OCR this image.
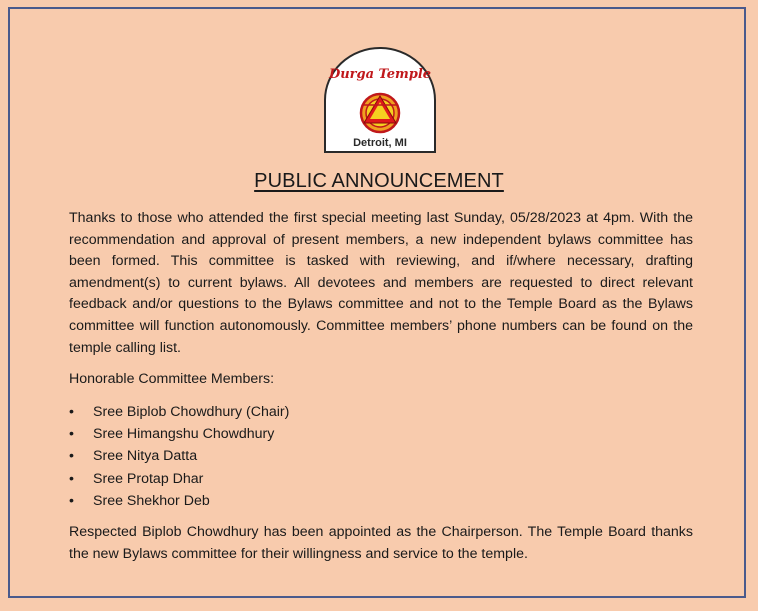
Durga Temple
Detroit, MI
PUBLIC ANNOUNCEMENT

Thanks to those who attended the first special meeting last Sunday, 05/28/2023 at 4pm. With the recommendation and approval of present members, a new independent bylaws committee has been formed. This committee is tasked with reviewing, and if/where necessary, drafting amendment(s) to current bylaws. All devotees and members are requested to direct relevant feedback and/or questions to the Bylaws committee and not to the Temple Board as the Bylaws committee will function autonomously. Committee members’ phone numbers can be found on the temple calling list.

Honorable Committee Members:

• Sree Biplob Chowdhury (Chair)
• Sree Himangshu Chowdhury
• Sree Nitya Datta
• Sree Protap Dhar
• Sree Shekhor Deb

Respected Biplob Chowdhury has been appointed as the Chairperson. The Temple Board thanks the new Bylaws committee for their willingness and service to the temple.
